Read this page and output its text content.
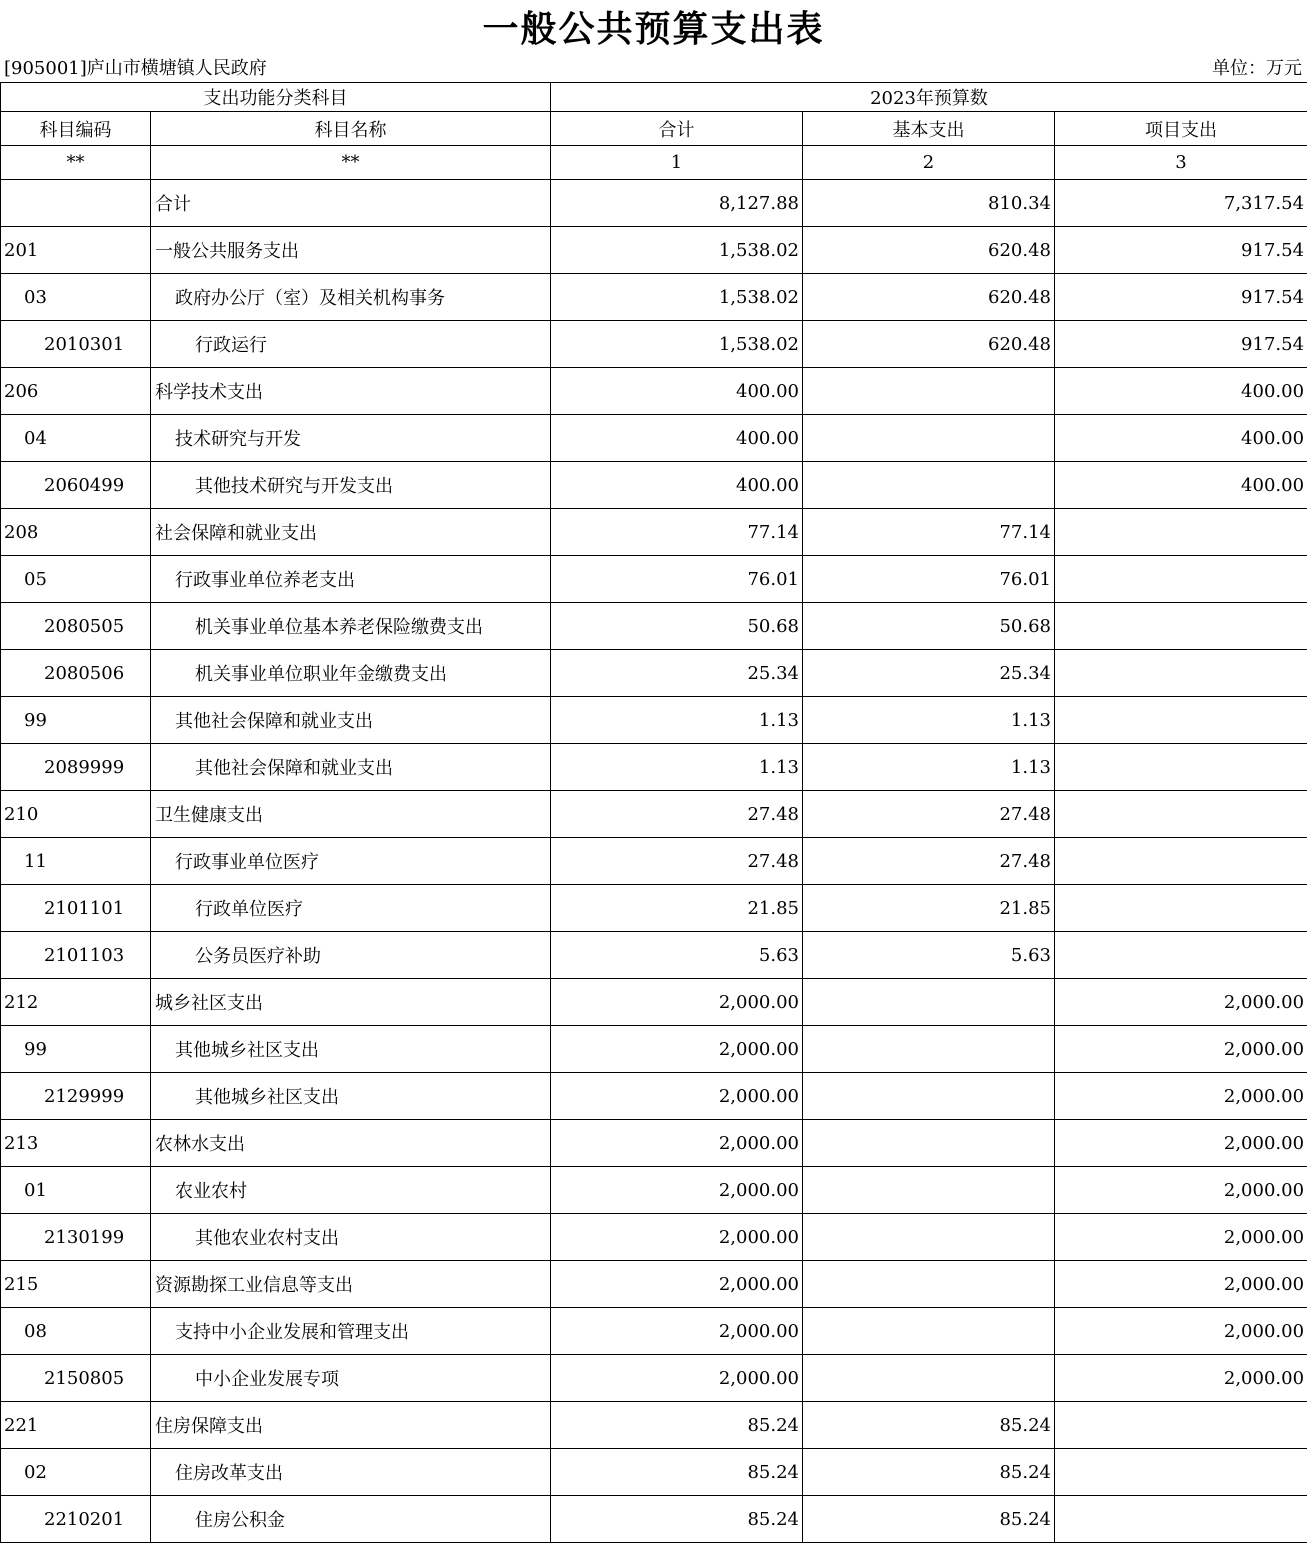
一般公共预算支出表
[905001]庐山市横塘镇人民政府	单位：万元
支出功能分类科目		2023年预算数		
科目编码	科目名称	合计	基本支出	项目支出
**	**	1	2	3
	合计	8,127.88	810.34	7,317.54
201	一般公共服务支出	1,538.02	620.48	917.54
03	政府办公厅（室）及相关机构事务	1,538.02	620.48	917.54
2010301	行政运行	1,538.02	620.48	917.54
206	科学技术支出	400.00		400.00
04	技术研究与开发	400.00		400.00
2060499	其他技术研究与开发支出	400.00		400.00
208	社会保障和就业支出	77.14	77.14	
05	行政事业单位养老支出	76.01	76.01	
2080505	机关事业单位基本养老保险缴费支出	50.68	50.68	
2080506	机关事业单位职业年金缴费支出	25.34	25.34	
99	其他社会保障和就业支出	1.13	1.13	
2089999	其他社会保障和就业支出	1.13	1.13	
210	卫生健康支出	27.48	27.48	
11	行政事业单位医疗	27.48	27.48	
2101101	行政单位医疗	21.85	21.85	
2101103	公务员医疗补助	5.63	5.63	
212	城乡社区支出	2,000.00		2,000.00
99	其他城乡社区支出	2,000.00		2,000.00
2129999	其他城乡社区支出	2,000.00		2,000.00
213	农林水支出	2,000.00		2,000.00
01	农业农村	2,000.00		2,000.00
2130199	其他农业农村支出	2,000.00		2,000.00
215	资源勘探工业信息等支出	2,000.00		2,000.00
08	支持中小企业发展和管理支出	2,000.00		2,000.00
2150805	中小企业发展专项	2,000.00		2,000.00
221	住房保障支出	85.24	85.24	
02	住房改革支出	85.24	85.24	
2210201	住房公积金	85.24	85.24	
